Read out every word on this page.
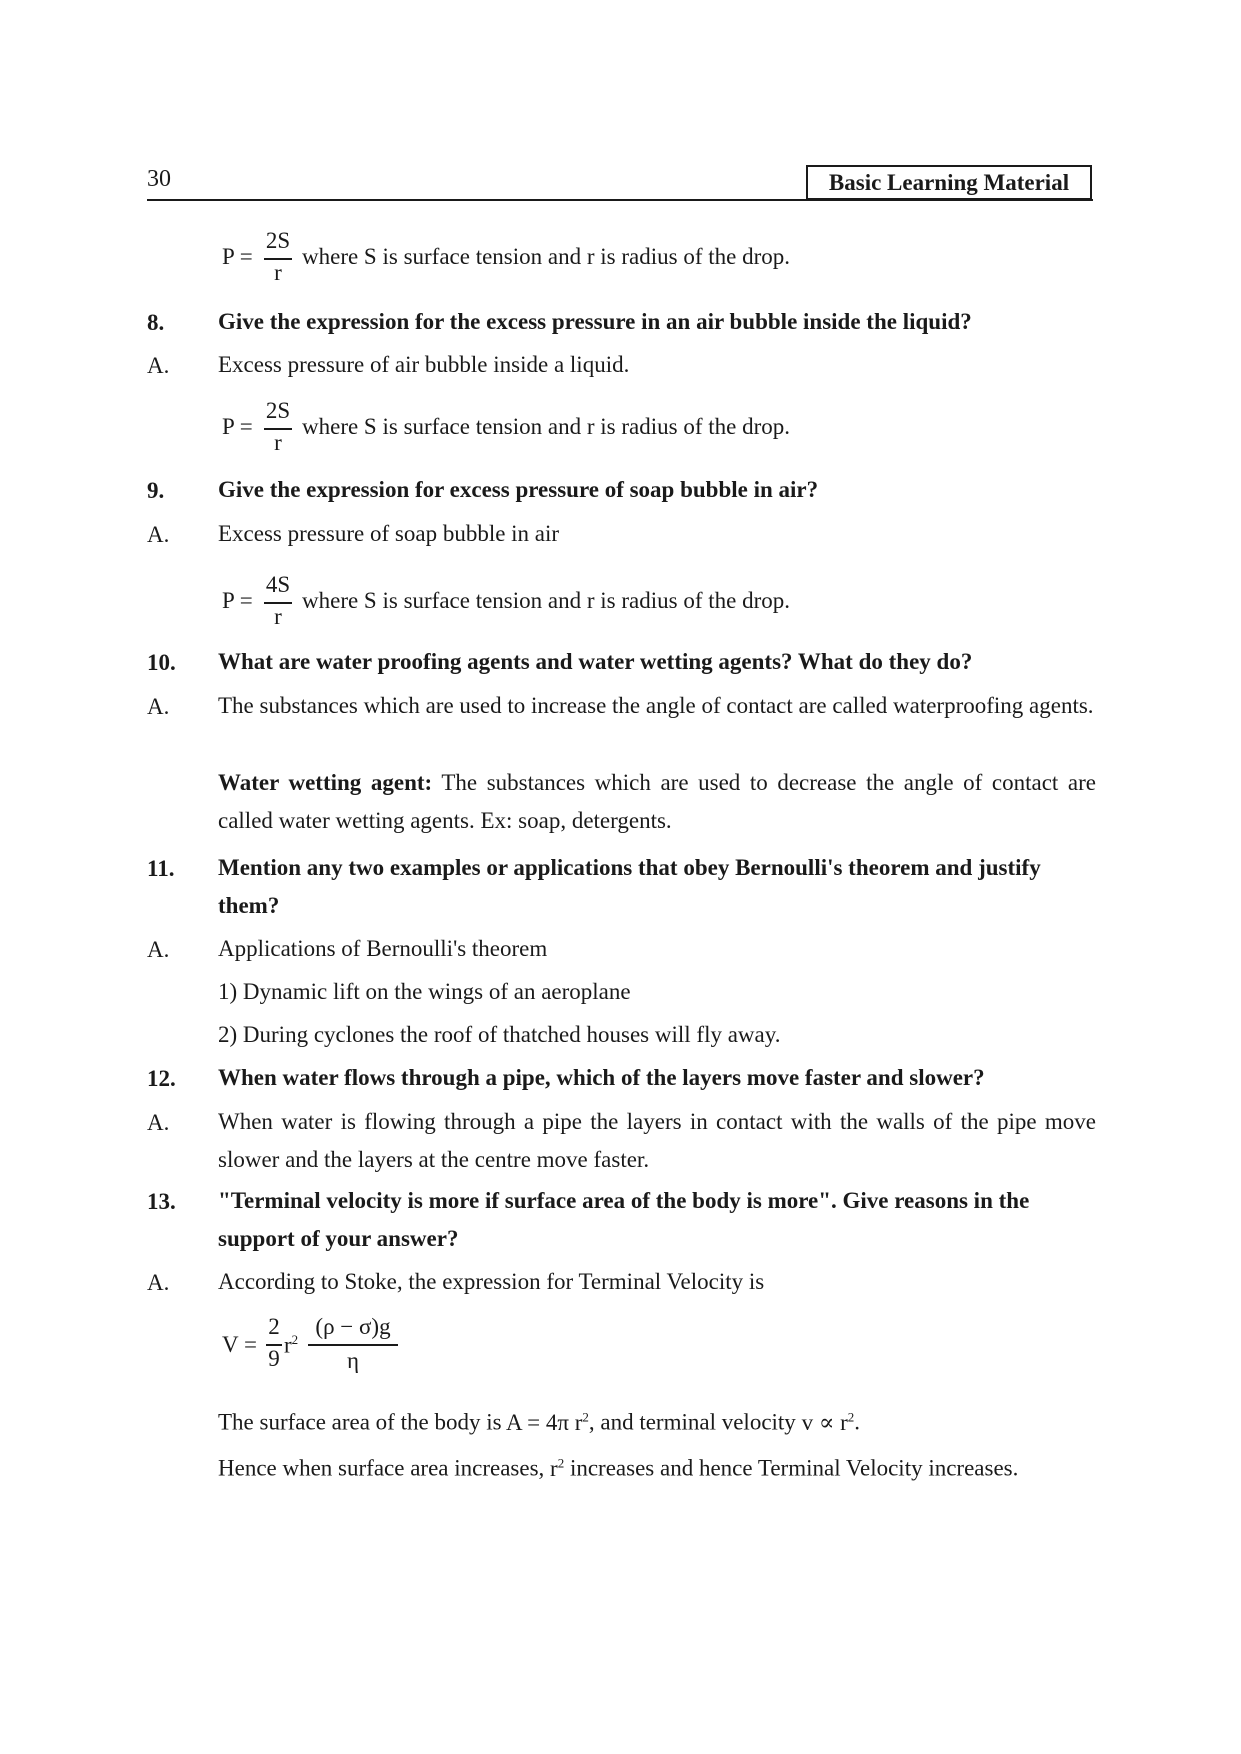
30	Basic Learning Material
P =
2S
r
where S is surface tension and r is radius of the drop.
8. Give the expression for the excess pressure in an air bubble inside the liquid?
A. Excess pressure of air bubble inside a liquid.
P =
2S
r
where S is surface tension and r is radius of the drop.
9. Give the expression for excess pressure of soap bubble in air?
A. Excess pressure of soap bubble in air
P =
4S
r
where S is surface tension and r is radius of the drop.
10. What are water proofing agents and water wetting agents? What do they do?
A. The substances which are used to increase the angle of contact are called waterproofing agents.
Water wetting agent: The substances which are used to decrease the angle of contact are called water wetting agents. Ex: soap, detergents.
11. Mention any two examples or applications that obey Bernoulli's theorem and justify them?
A. Applications of Bernoulli's theorem
1) Dynamic lift on the wings of an aeroplane
2) During cyclones the roof of thatched houses will fly away.
12. When water flows through a pipe, which of the layers move faster and slower?
A. When water is flowing through a pipe the layers in contact with the walls of the pipe move slower and the layers at the centre move faster.
13. "Terminal velocity is more if surface area of the body is more". Give reasons in the support of your answer?
A. According to Stoke, the expression for Terminal Velocity is
V =
2
9
$r^2$
(ρ − σ)g
η
The surface area of the body is A = 4π $r^2$, and terminal velocity $v \propto r^2$.
Hence when surface area increases, $r^2$ increases and hence Terminal Velocity increases.
